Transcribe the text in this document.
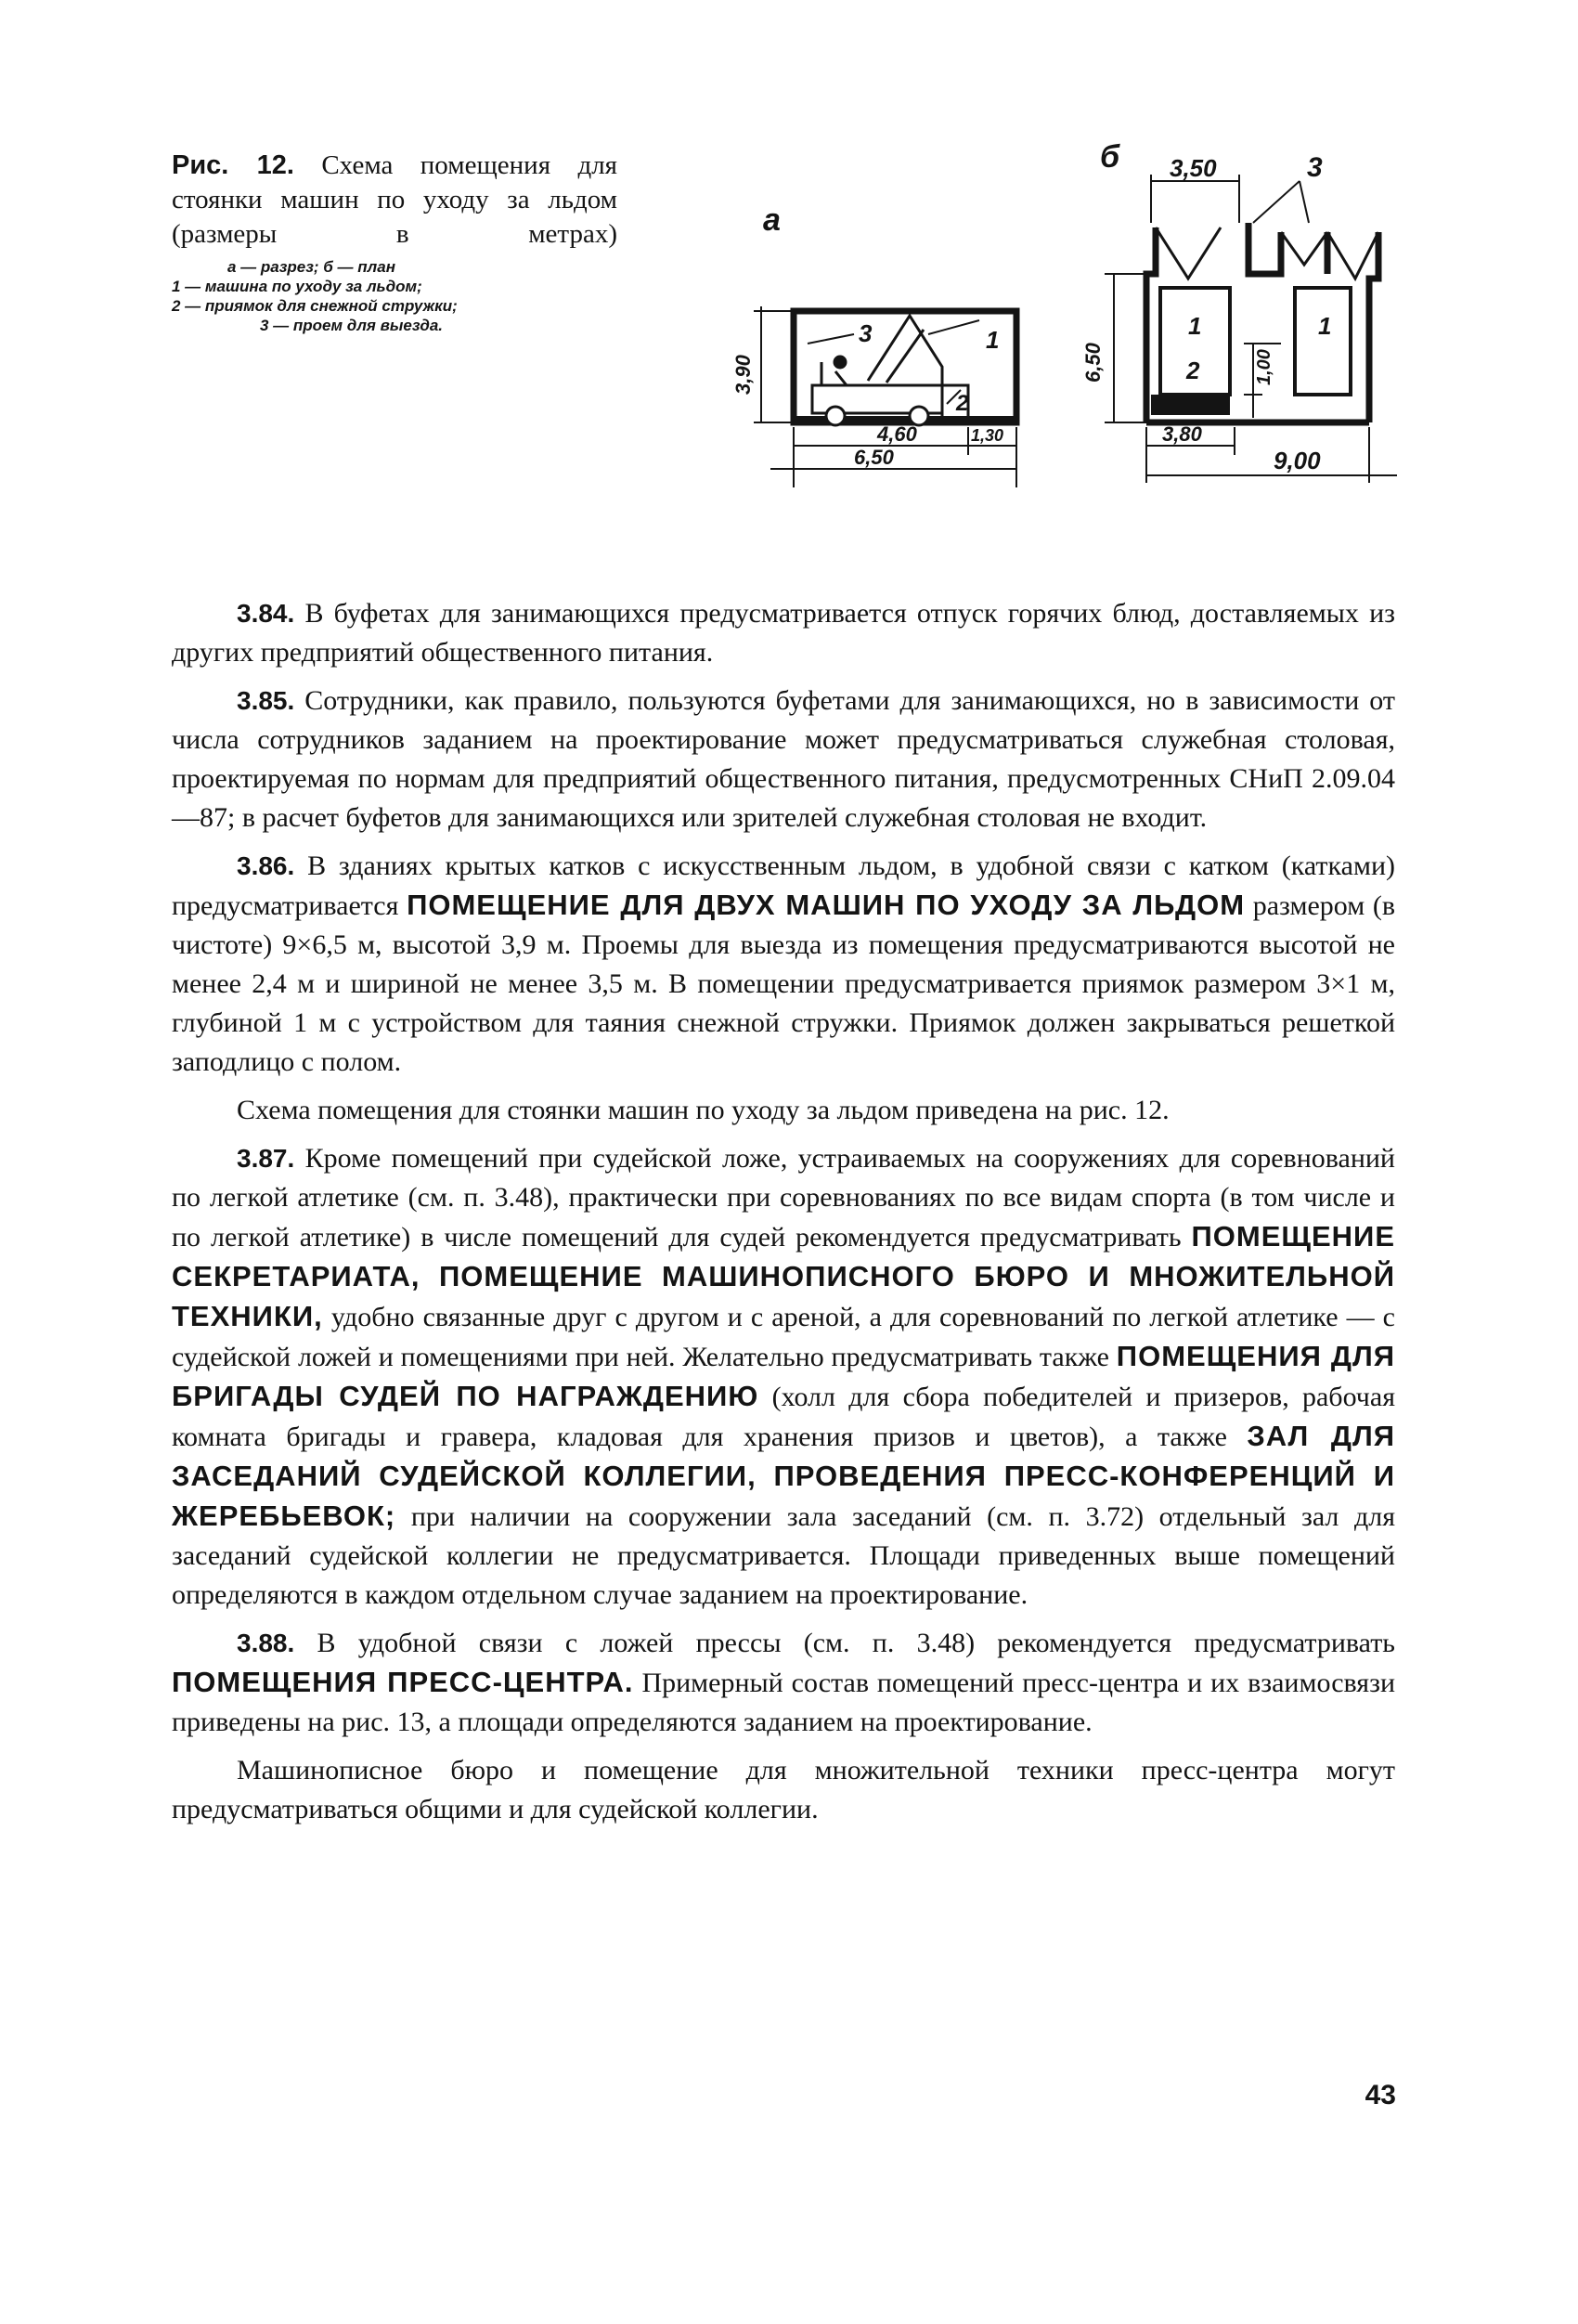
Рис. 12. Схема помещения для стоянки машин по уходу за льдом (размеры в метрах)

а — разрез; б — план
1 — машина по уходу за льдом;
2 — приямок для снежной стружки;
3 — проем для выезда.
а
3	1
2
3,90
4,60	1,30
6,50
б 3,50	3
1	1
2	1,00
6,50
3,80
9,00

3.84. В буфетах для занимающихся предусматривается отпуск горячих блюд, доставляемых из других предприятий общественного питания.

3.85. Сотрудники, как правило, пользуются буфетами для занимающихся, но в зависимости от числа сотрудников заданием на проектирование может предусматриваться служебная столовая, проектируемая по нормам для предприятий общественного питания, предусмотренных СНиП 2.09.04—87; в расчет буфетов для занимающихся или зрителей служебная столовая не входит.

3.86. В зданиях крытых катков с искусственным льдом, в удобной связи с катком (катками) предусматривается ПОМЕЩЕНИЕ ДЛЯ ДВУХ МАШИН ПО УХОДУ ЗА ЛЬДОМ размером (в чистоте) 9×6,5 м, высотой 3,9 м. Проемы для выезда из помещения предусматриваются высотой не менее 2,4 м и шириной не менее 3,5 м. В помещении предусматривается приямок размером 3×1 м, глубиной 1 м с устройством для таяния снежной стружки. Приямок должен закрываться решеткой заподлицо с полом.

Схема помещения для стоянки машин по уходу за льдом приведена на рис. 12.

3.87. Кроме помещений при судейской ложе, устраиваемых на сооружениях для соревнований по легкой атлетике (см. п. 3.48), практически при соревнованиях по все видам спорта (в том числе и по легкой атлетике) в числе помещений для судей рекомендуется предусматривать ПОМЕЩЕНИЕ СЕКРЕТАРИАТА, ПОМЕЩЕНИЕ МАШИНОПИСНОГО БЮРО И МНОЖИТЕЛЬНОЙ ТЕХНИКИ, удобно связанные друг с другом и с ареной, а для соревнований по легкой атлетике — с судейской ложей и помещениями при ней. Желательно предусматривать также ПОМЕЩЕНИЯ ДЛЯ БРИГАДЫ СУДЕЙ ПО НАГРАЖДЕНИЮ (холл для сбора победителей и призеров, рабочая комната бригады и гравера, кладовая для хранения призов и цветов), а также ЗАЛ ДЛЯ ЗАСЕДАНИЙ СУДЕЙСКОЙ КОЛЛЕГИИ, ПРОВЕДЕНИЯ ПРЕСС-КОНФЕРЕНЦИЙ И ЖЕРЕБЬЕВОК; при наличии на сооружении зала заседаний (см. п. 3.72) отдельный зал для заседаний судейской коллегии не предусматривается. Площади приведенных выше помещений определяются в каждом отдельном случае заданием на проектирование.

3.88. В удобной связи с ложей прессы (см. п. 3.48) рекомендуется предусматривать ПОМЕЩЕНИЯ ПРЕСС-ЦЕНТРА. Примерный состав помещений пресс-центра и их взаимосвязи приведены на рис. 13, а площади определяются заданием на проектирование.

Машинописное бюро и помещение для множительной техники пресс-центра могут предусматриваться общими и для судейской коллегии.

43
